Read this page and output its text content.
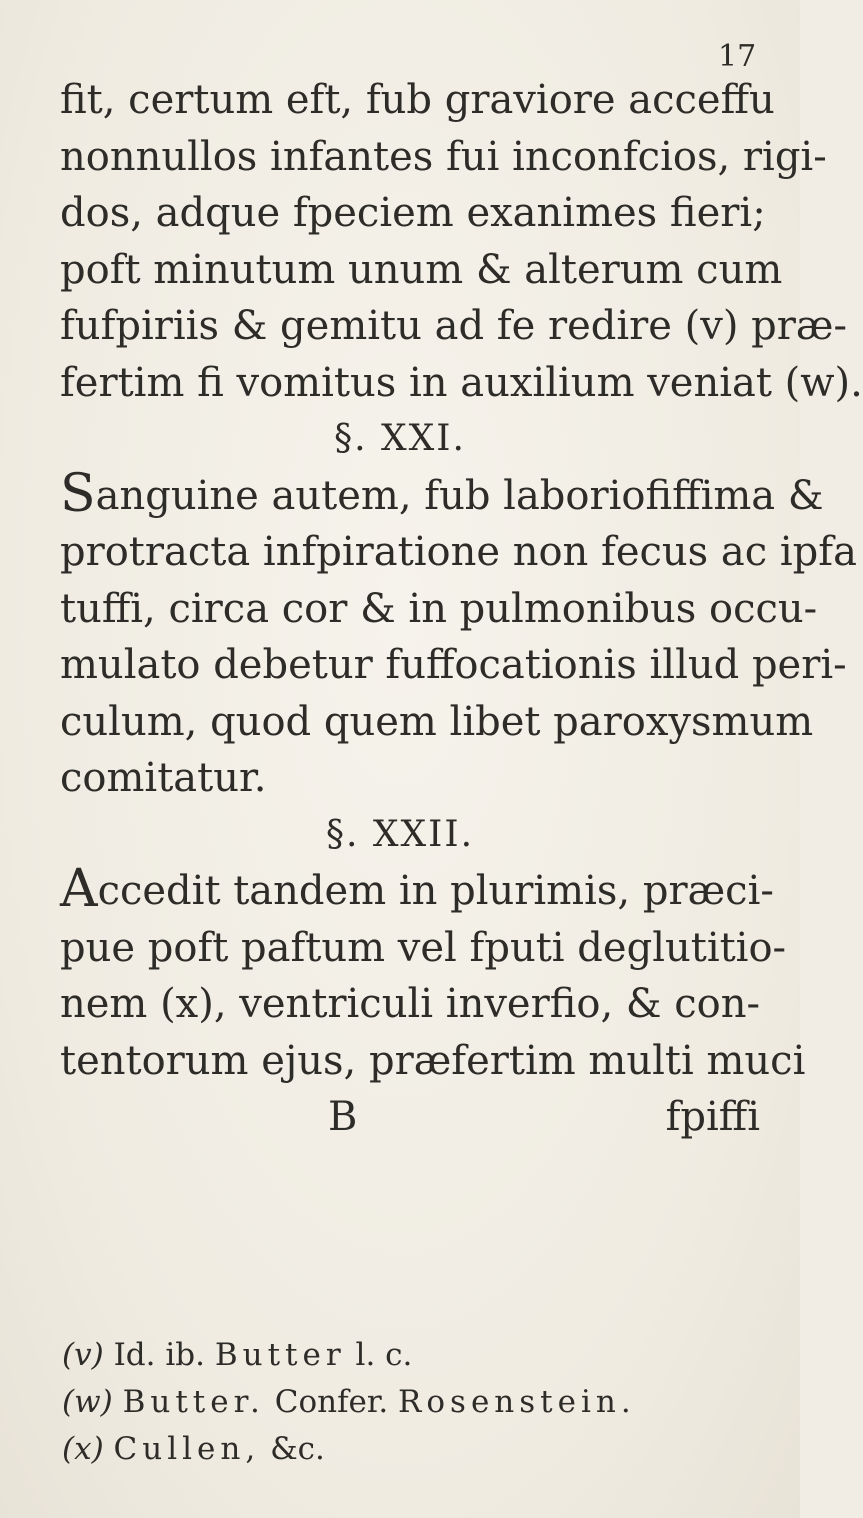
17
fit, certum eft, fub graviore acceffu
nonnullos infantes fui inconfcios, rigi-
dos, adque fpeciem exanimes fieri;
poft minutum unum & alterum cum
fufpiriis & gemitu ad fe redire (v) præ-
fertim fi vomitus in auxilium veniat (w).
§. XXI.
Sanguine autem, fub laboriofiffima &
protracta infpiratione non fecus ac ipfa
tuffi, circa cor & in pulmonibus occu-
mulato debetur fuffocationis illud peri-
culum, quod quem libet paroxysmum
comitatur.
§. XXII.
Accedit tandem in plurimis, præci-
pue poft paftum vel fputi deglutitio-
nem (x), ventriculi inverfio, & con-
tentorum ejus, præfertim multi muci
B	fpiffi
(v) Id. ib. Butter l. c.
(w) Butter. Confer. Rosenstein.
(x) Cullen, &c.
